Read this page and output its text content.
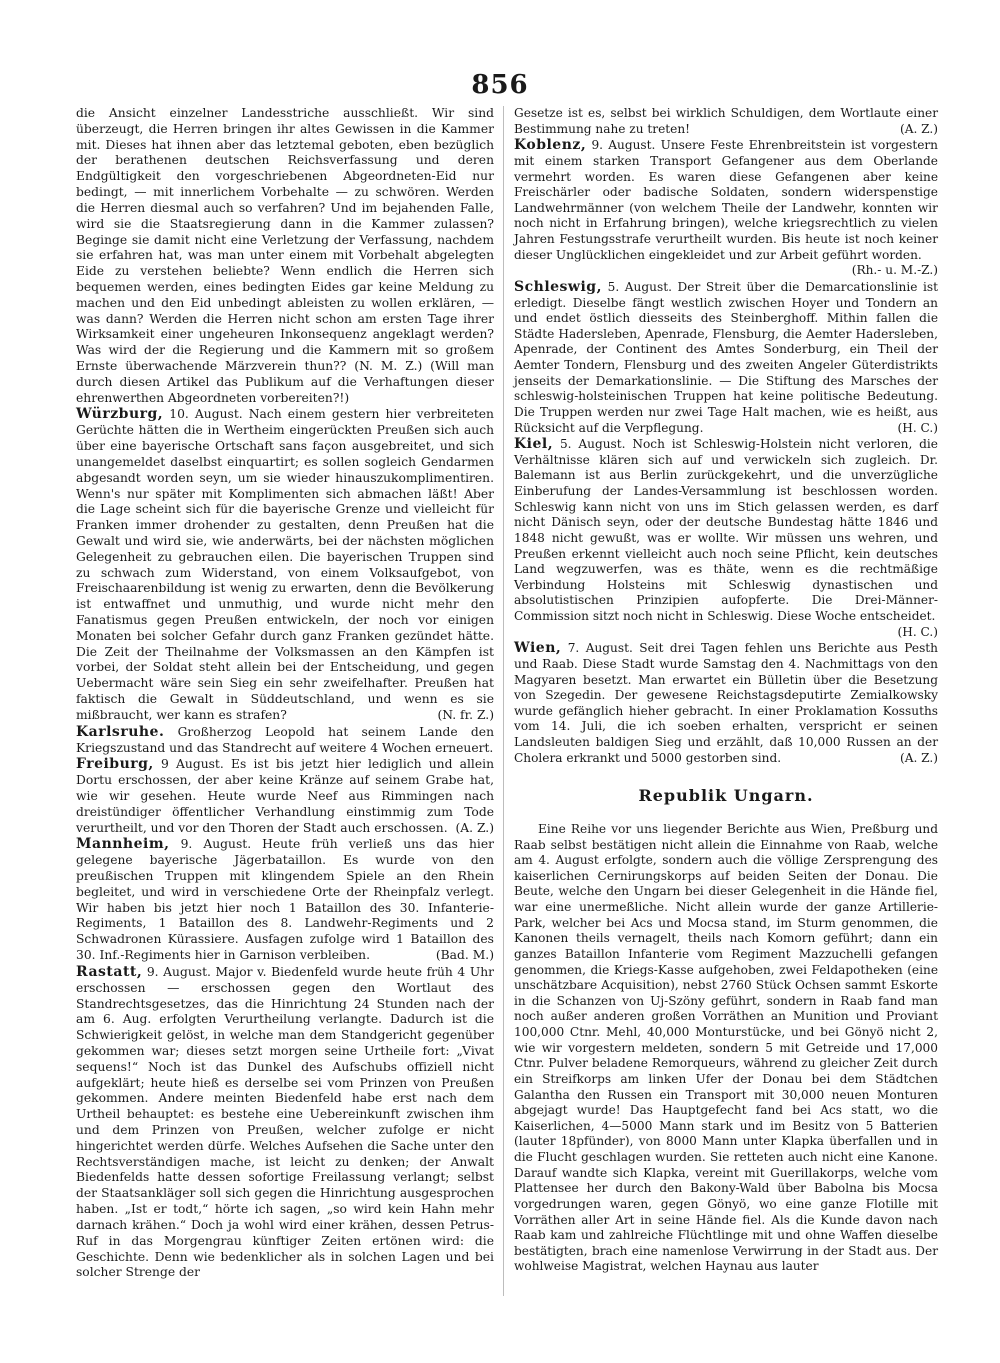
856
die Ansicht einzelner Landesstriche ausschließt. Wir sind überzeugt, die Herren bringen ihr altes Gewissen in die Kammer mit. Dieses hat ihnen aber das letztemal geboten, eben bezüglich der berathenen deutschen Reichsverfassung und deren Endgültigkeit den vorgeschriebenen Abgeordneten-Eid nur bedingt, — mit innerlichem Vorbehalte — zu schwören. Werden die Herren diesmal auch so verfahren? Und im bejahenden Falle, wird sie die Staatsregierung dann in die Kammer zulassen? Beginge sie damit nicht eine Verletzung der Verfassung, nachdem sie erfahren hat, was man unter einem mit Vorbehalt abgelegten Eide zu verstehen beliebte? Wenn endlich die Herren sich bequemen werden, eines bedingten Eides gar keine Meldung zu machen und den Eid unbedingt ableisten zu wollen erklären, — was dann? Werden die Herren nicht schon am ersten Tage ihrer Wirksamkeit einer ungeheuren Inkonsequenz angeklagt werden? Was wird der die Regierung und die Kammern mit so großem Ernste überwachende Märzverein thun?? (N. M. Z.) (Will man durch diesen Artikel das Publikum auf die Verhaftungen dieser ehrenwerthen Abgeordneten vorbereiten?!)
Würzburg, 10. August. Nach einem gestern hier verbreiteten Gerüchte hätten die in Wertheim eingerückten Preußen sich auch über eine bayerische Ortschaft sans façon ausgebreitet, und sich unangemeldet daselbst einquartirt; es sollen sogleich Gendarmen abgesandt worden seyn, um sie wieder hinauszukomplimentiren. Wenn's nur später mit Komplimenten sich abmachen läßt! Aber die Lage scheint sich für die bayerische Grenze und vielleicht für Franken immer drohender zu gestalten, denn Preußen hat die Gewalt und wird sie, wie anderwärts, bei der nächsten möglichen Gelegenheit zu gebrauchen eilen. Die bayerischen Truppen sind zu schwach zum Widerstand, von einem Volksaufgebot, von Freischaarenbildung ist wenig zu erwarten, denn die Bevölkerung ist entwaffnet und unmuthig, und wurde nicht mehr den Fanatismus gegen Preußen entwickeln, der noch vor einigen Monaten bei solcher Gefahr durch ganz Franken gezündet hätte. Die Zeit der Theilnahme der Volksmassen an den Kämpfen ist vorbei, der Soldat steht allein bei der Entscheidung, und gegen Uebermacht wäre sein Sieg ein sehr zweifelhafter. Preußen hat faktisch die Gewalt in Süddeutschland, und wenn es sie mißbraucht, wer kann es strafen?	(N. fr. Z.)
Karlsruhe. Großherzog Leopold hat seinem Lande den Kriegszustand und das Standrecht auf weitere 4 Wochen erneuert.
Freiburg, 9 August. Es ist bis jetzt hier lediglich und allein Dortu erschossen, der aber keine Kränze auf seinem Grabe hat, wie wir gesehen. Heute wurde Neef aus Rimmingen nach dreistündiger öffentlicher Verhandlung einstimmig zum Tode verurtheilt, und vor den Thoren der Stadt auch erschossen. (A. Z.)
Mannheim, 9. August. Heute früh verließ uns das hier gelegene bayerische Jägerbataillon. Es wurde von den preußischen Truppen mit klingendem Spiele an den Rhein begleitet, und wird in verschiedene Orte der Rheinpfalz verlegt. Wir haben bis jetzt hier noch 1 Bataillon des 30. Infanterie-Regiments, 1 Bataillon des 8. Landwehr-Regiments und 2 Schwadronen Kürassiere. Ausfagen zufolge wird 1 Bataillon des 30. Inf.-Regiments hier in Garnison verbleiben.	(Bad. M.)
Rastatt, 9. August. Major v. Biedenfeld wurde heute früh 4 Uhr erschossen — erschossen gegen den Wortlaut des Standrechtsgesetzes, das die Hinrichtung 24 Stunden nach der am 6. Aug. erfolgten Verurtheilung verlangte. Dadurch ist die Schwierigkeit gelöst, in welche man dem Standgericht gegenüber gekommen war; dieses setzt morgen seine Urtheile fort: „Vivat sequens!“ Noch ist das Dunkel des Aufschubs offiziell nicht aufgeklärt; heute hieß es derselbe sei vom Prinzen von Preußen gekommen. Andere meinten Biedenfeld habe erst nach dem Urtheil behauptet: es bestehe eine Uebereinkunft zwischen ihm und dem Prinzen von Preußen, welcher zufolge er nicht hingerichtet werden dürfe. Welches Aufsehen die Sache unter den Rechtsverständigen mache, ist leicht zu denken; der Anwalt Biedenfelds hatte dessen sofortige Freilassung verlangt; selbst der Staatsankläger soll sich gegen die Hinrichtung ausgesprochen haben. „Ist er todt,“ hörte ich sagen, „so wird kein Hahn mehr darnach krähen.“ Doch ja wohl wird einer krähen, dessen Petrus-Ruf in das Morgengrau künftiger Zeiten ertönen wird: die Geschichte. Denn wie bedenklicher als in solchen Lagen und bei solcher Strenge der
Gesetze ist es, selbst bei wirklich Schuldigen, dem Wortlaute einer Bestimmung nahe zu treten!	(A. Z.)
Koblenz, 9. August. Unsere Feste Ehrenbreitstein ist vorgestern mit einem starken Transport Gefangener aus dem Oberlande vermehrt worden. Es waren diese Gefangenen aber keine Freischärler oder badische Soldaten, sondern widerspenstige Landwehrmänner (von welchem Theile der Landwehr, konnten wir noch nicht in Erfahrung bringen), welche kriegsrechtlich zu vielen Jahren Festungsstrafe verurtheilt wurden. Bis heute ist noch keiner dieser Unglücklichen eingekleidet und zur Arbeit geführt worden.
(Rh.- u. M.-Z.)
Schleswig, 5. August. Der Streit über die Demarcationslinie ist erledigt. Dieselbe fängt westlich zwischen Hoyer und Tondern an und endet östlich diesseits des Steinberghoff. Mithin fallen die Städte Hadersleben, Apenrade, Flensburg, die Aemter Hadersleben, Apenrade, der Continent des Amtes Sonderburg, ein Theil der Aemter Tondern, Flensburg und des zweiten Angeler Güterdistrikts jenseits der Demarkationslinie. — Die Stiftung des Marsches der schleswig-holsteinischen Truppen hat keine politische Bedeutung. Die Truppen werden nur zwei Tage Halt machen, wie es heißt, aus Rücksicht auf die Verpflegung.	(H. C.)
Kiel, 5. August. Noch ist Schleswig-Holstein nicht verloren, die Verhältnisse klären sich auf und verwickeln sich zugleich. Dr. Balemann ist aus Berlin zurückgekehrt, und die unverzügliche Einberufung der Landes-Versammlung ist beschlossen worden. Schleswig kann nicht von uns im Stich gelassen werden, es darf nicht Dänisch seyn, oder der deutsche Bundestag hätte 1846 und 1848 nicht gewußt, was er wollte. Wir müssen uns wehren, und Preußen erkennt vielleicht auch noch seine Pflicht, kein deutsches Land wegzuwerfen, was es thäte, wenn es die rechtmäßige Verbindung Holsteins mit Schleswig dynastischen und absolutistischen Prinzipien aufopferte. Die Drei-Männer-Commission sitzt noch nicht in Schleswig. Diese Woche entscheidet.
(H. C.)
Wien, 7. August. Seit drei Tagen fehlen uns Berichte aus Pesth und Raab. Diese Stadt wurde Samstag den 4. Nachmittags von den Magyaren besetzt. Man erwartet ein Bülletin über die Besetzung von Szegedin. Der gewesene Reichstagsdeputirte Zemialkowsky wurde gefänglich hieher gebracht. In einer Proklamation Kossuths vom 14. Juli, die ich soeben erhalten, verspricht er seinen Landsleuten baldigen Sieg und erzählt, daß 10,000 Russen an der Cholera erkrankt und 5000 gestorben sind.	(A. Z.)
Republik Ungarn.
Eine Reihe vor uns liegender Berichte aus Wien, Preßburg und Raab selbst bestätigen nicht allein die Einnahme von Raab, welche am 4. August erfolgte, sondern auch die völlige Zersprengung des kaiserlichen Cernirungskorps auf beiden Seiten der Donau. Die Beute, welche den Ungarn bei dieser Gelegenheit in die Hände fiel, war eine unermeßliche. Nicht allein wurde der ganze Artillerie-Park, welcher bei Acs und Mocsa stand, im Sturm genommen, die Kanonen theils vernagelt, theils nach Komorn geführt; dann ein ganzes Bataillon Infanterie vom Regiment Mazzuchelli gefangen genommen, die Kriegs-Kasse aufgehoben, zwei Feldapotheken (eine unschätzbare Acquisition), nebst 2760 Stück Ochsen sammt Eskorte in die Schanzen von Uj-Szöny geführt, sondern in Raab fand man noch außer anderen großen Vorräthen an Munition und Proviant 100,000 Ctnr. Mehl, 40,000 Monturstücke, und bei Gönyö nicht 2, wie wir vorgestern meldeten, sondern 5 mit Getreide und 17,000 Ctnr. Pulver beladene Remorqueurs, während zu gleicher Zeit durch ein Streifkorps am linken Ufer der Donau bei dem Städtchen Galantha den Russen ein Transport mit 30,000 neuen Monturen abgejagt wurde! Das Hauptgefecht fand bei Acs statt, wo die Kaiserlichen, 4—5000 Mann stark und im Besitz von 5 Batterien (lauter 18pfünder), von 8000 Mann unter Klapka überfallen und in die Flucht geschlagen wurden. Sie retteten auch nicht eine Kanone. Darauf wandte sich Klapka, vereint mit Guerillakorps, welche vom Plattensee her durch den Bakony-Wald über Babolna bis Mocsa vorgedrungen waren, gegen Gönyö, wo eine ganze Flotille mit Vorräthen aller Art in seine Hände fiel. Als die Kunde davon nach Raab kam und zahlreiche Flüchtlinge mit und ohne Waffen dieselbe bestätigten, brach eine namenlose Verwirrung in der Stadt aus. Der wohlweise Magistrat, welchen Haynau aus lauter
